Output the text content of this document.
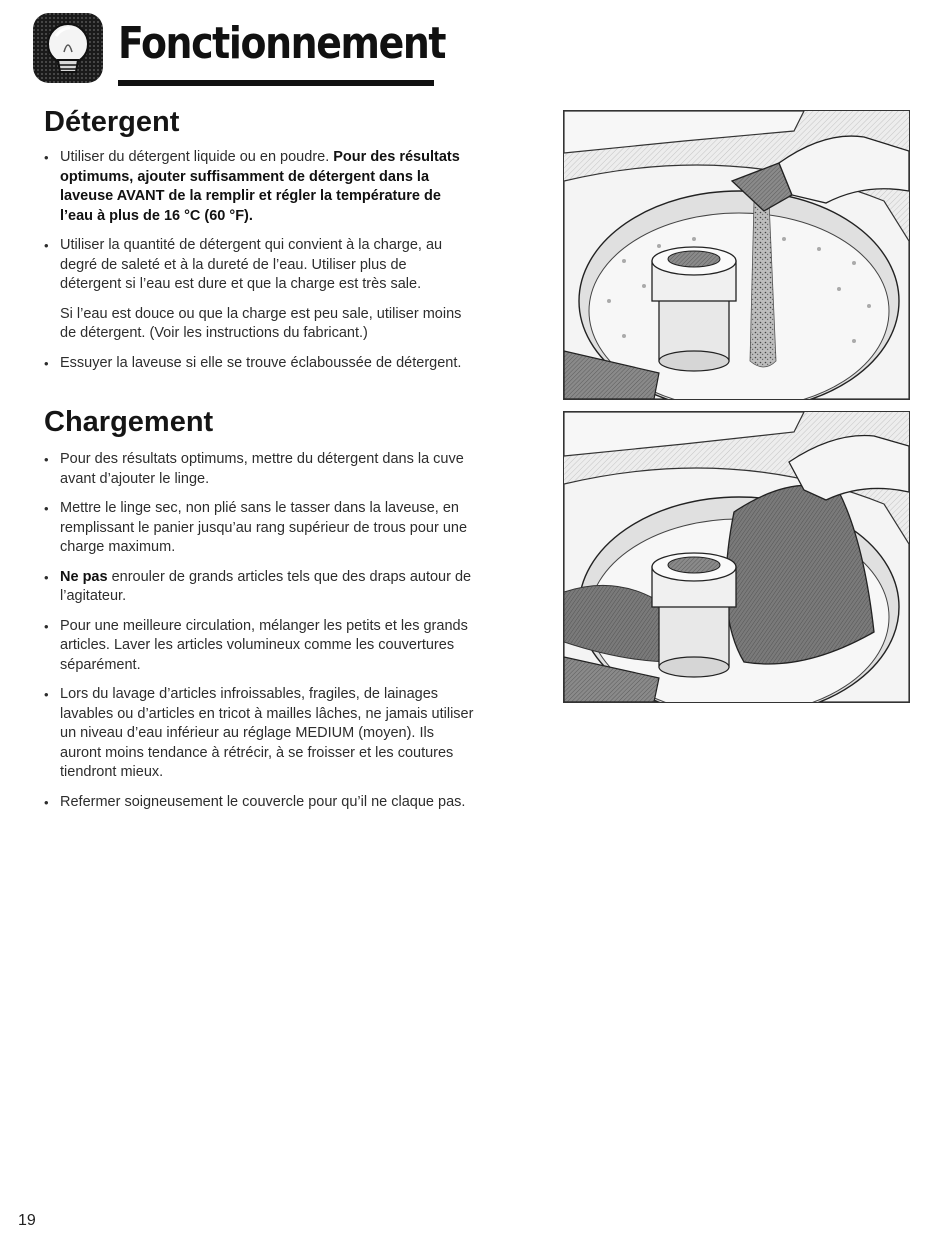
Fonctionnement
Détergent
• Utiliser du détergent liquide ou en poudre. Pour des résultats optimums, ajouter suffisamment de détergent dans la laveuse AVANT de la remplir et régler la température de l’eau à plus de 16 °C (60 °F).
• Utiliser la quantité de détergent qui convient à la charge, au degré de saleté et à la dureté de l’eau. Utiliser plus de détergent si l’eau est dure et que la charge est très sale.
Si l’eau est douce ou que la charge est peu sale, utiliser moins de détergent. (Voir les instructions du fabricant.)
• Essuyer la laveuse si elle se trouve éclaboussée de détergent.
Chargement
• Pour des résultats optimums, mettre du détergent dans la cuve avant d’ajouter le linge.
• Mettre le linge sec, non plié sans le tasser dans la laveuse, en remplissant le panier jusqu’au rang supérieur de trous pour une charge maximum.
• Ne pas enrouler de grands articles tels que des draps autour de l’agitateur.
• Pour une meilleure circulation, mélanger les petits et les grands articles. Laver les articles volumineux comme les couvertures séparément.
• Lors du lavage d’articles infroissables, fragiles, de lainages lavables ou d’articles en tricot à mailles lâches, ne jamais utiliser un niveau d’eau inférieur au réglage MEDIUM (moyen). Ils auront moins tendance à rétrécir, à se froisser et les coutures tiendront mieux.
• Refermer soigneusement le couvercle pour qu’il ne claque pas.
19
